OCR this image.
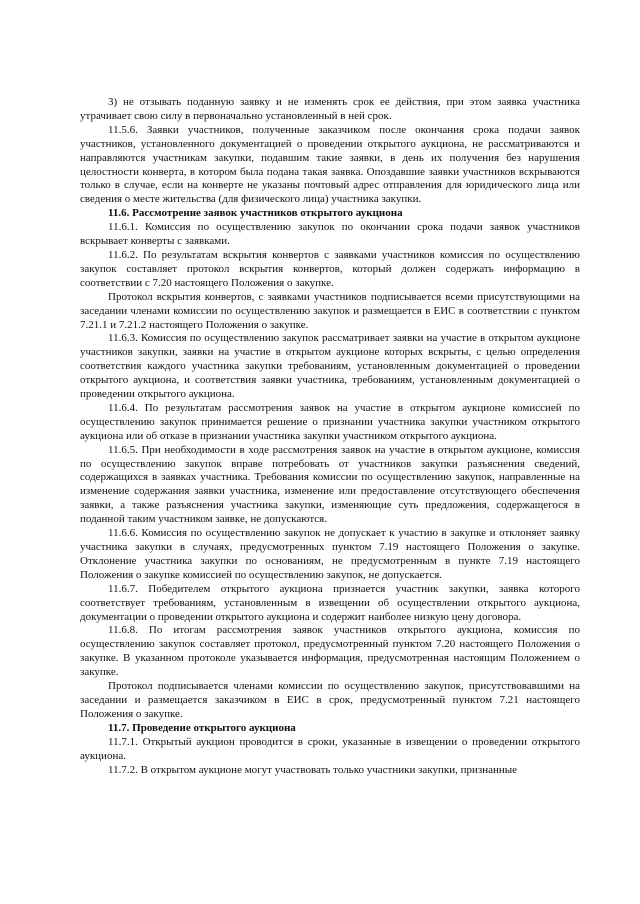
3) не отзывать поданную заявку и не изменять срок ее действия, при этом заявка участника утрачивает свою силу в первоначально установленный в ней срок.

11.5.6. Заявки участников, полученные заказчиком после окончания срока подачи заявок участников, установленного документацией о проведении открытого аукциона, не рассматриваются и направляются участникам закупки, подавшим такие заявки, в день их получения без нарушения целостности конверта, в котором была подана такая заявка. Опоздавшие заявки участников вскрываются только в случае, если на конверте не указаны почтовый адрес отправления для юридического лица или сведения о месте жительства (для физического лица) участника закупки.

11.6. Рассмотрение заявок участников открытого аукциона

11.6.1. Комиссия по осуществлению закупок по окончании срока подачи заявок участников вскрывает конверты с заявками.

11.6.2. По результатам вскрытия конвертов с заявками участников комиссия по осуществлению закупок составляет протокол вскрытия конвертов, который должен содержать информацию в соответствии с 7.20 настоящего Положения о закупке.

Протокол вскрытия конвертов, с заявками участников подписывается всеми присутствующими на заседании членами комиссии по осуществлению закупок и размещается в ЕИС в соответствии с пунктом 7.21.1 и 7.21.2 настоящего Положения о закупке.

11.6.3. Комиссия по осуществлению закупок рассматривает заявки на участие в открытом аукционе участников закупки, заявки на участие в открытом аукционе которых вскрыты, с целью определения соответствия каждого участника закупки требованиям, установленным документацией о проведении открытого аукциона, и соответствия заявки участника, требованиям, установленным документацией о проведении открытого аукциона.

11.6.4. По результатам рассмотрения заявок на участие в открытом аукционе комиссией по осуществлению закупок принимается решение о признании участника закупки участником открытого аукциона или об отказе в признании участника закупки участником открытого аукциона.

11.6.5. При необходимости в ходе рассмотрения заявок на участие в открытом аукционе, комиссия по осуществлению закупок вправе потребовать от участников закупки разъяснения сведений, содержащихся в заявках участника. Требования комиссии по осуществлению закупок, направленные на изменение содержания заявки участника, изменение или предоставление отсутствующего обеспечения заявки, а также разъяснения участника закупки, изменяющие суть предложения, содержащегося в поданной таким участником заявке, не допускаются.

11.6.6. Комиссия по осуществлению закупок не допускает к участию в закупке и отклоняет заявку участника закупки в случаях, предусмотренных пунктом 7.19 настоящего Положения о закупке. Отклонение участника закупки по основаниям, не предусмотренным в пункте 7.19 настоящего Положения о закупке комиссией по осуществлению закупок, не допускается.

11.6.7. Победителем открытого аукциона признается участник закупки, заявка которого соответствует требованиям, установленным в извещении об осуществлении открытого аукциона, документации о проведении открытого аукциона и содержит наиболее низкую цену договора.

11.6.8. По итогам рассмотрения заявок участников открытого аукциона, комиссия по осуществлению закупок составляет протокол, предусмотренный пунктом 7.20 настоящего Положения о закупке. В указанном протоколе указывается информация, предусмотренная настоящим Положением о закупке.

Протокол подписывается членами комиссии по осуществлению закупок, присутствовавшими на заседании и размещается заказчиком в ЕИС в срок, предусмотренный пунктом 7.21 настоящего Положения о закупке.

11.7. Проведение открытого аукциона

11.7.1. Открытый аукцион проводится в сроки, указанные в извещении о проведении открытого аукциона.

11.7.2. В открытом аукционе могут участвовать только участники закупки, признанные
